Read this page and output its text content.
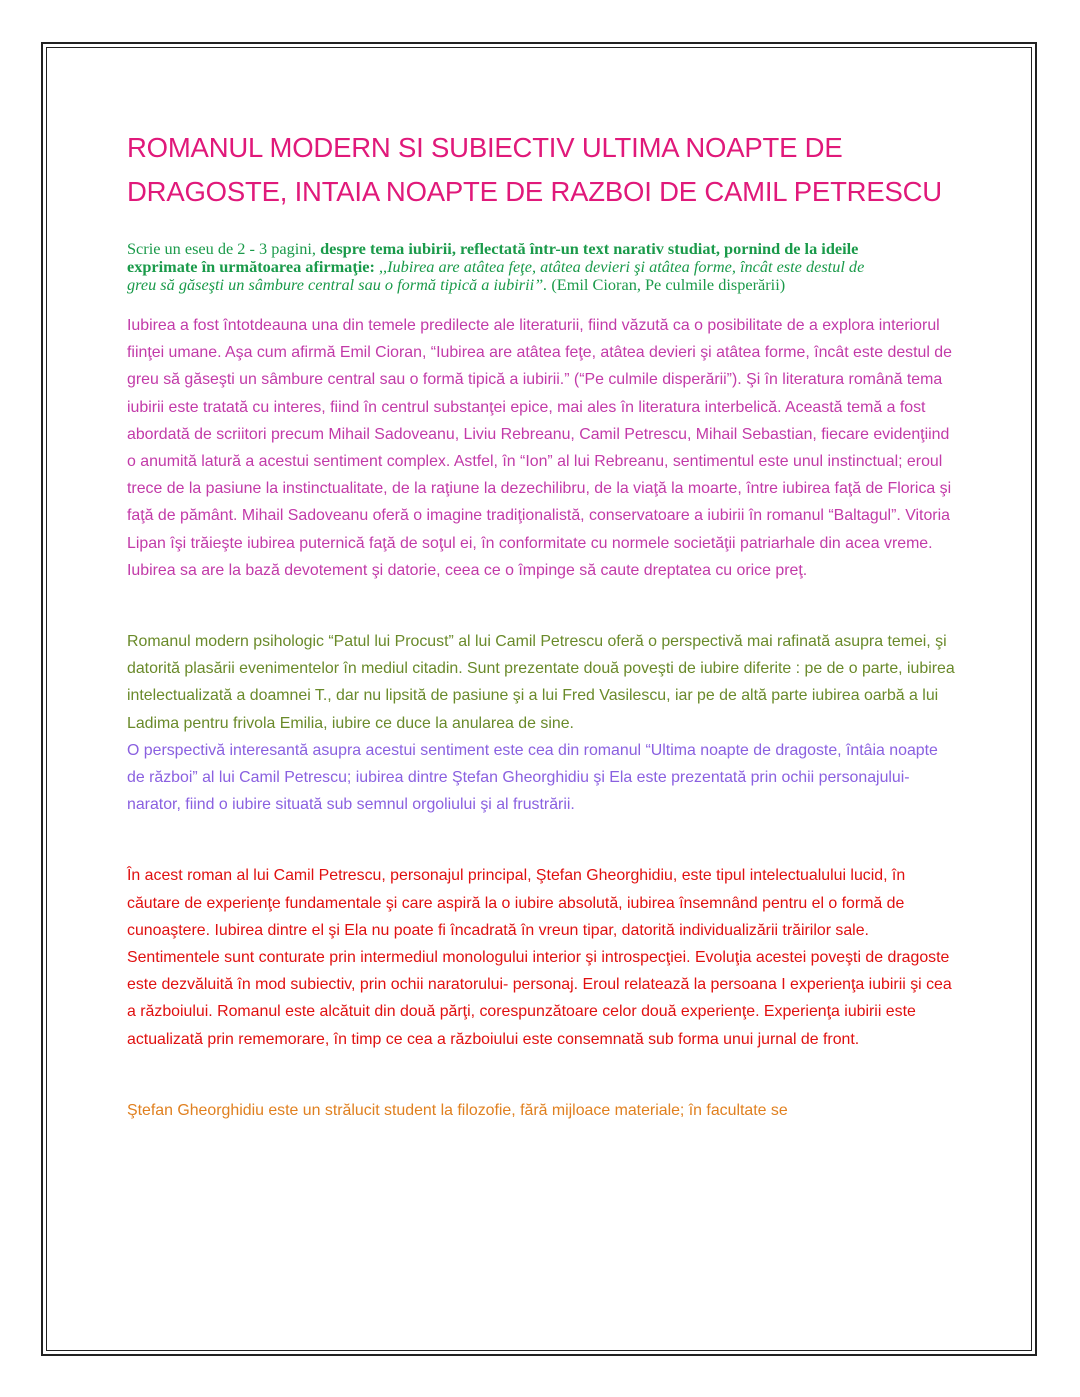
ROMANUL MODERN SI SUBIECTIV ULTIMA NOAPTE DE
DRAGOSTE, INTAIA NOAPTE DE RAZBOI DE CAMIL PETRESCU
Scrie un eseu de 2 - 3 pagini, despre tema iubirii, reflectată într-un text narativ studiat, pornind de la ideile exprimate în următoarea afirmaţie: ,,Iubirea are atâtea feţe, atâtea devieri şi atâtea forme, încât este destul de greu să găseşti un sâmbure central sau o formă tipică a iubirii”. (Emil Cioran, Pe culmile disperării)

Iubirea a fost întotdeauna una din temele predilecte ale literaturii, fiind văzută ca o posibilitate de a explora interiorul fiinţei umane. Aşa cum afirmă Emil Cioran, “Iubirea are atâtea feţe, atâtea devieri şi atâtea forme, încât este destul de greu să găseşti un sâmbure central sau o formă tipică a iubirii.” (“Pe culmile disperării”). Şi în literatura română tema iubirii este tratată cu interes, fiind în centrul substanţei epice, mai ales în literatura interbelică. Această temă a fost abordată de scriitori precum Mihail Sadoveanu, Liviu Rebreanu, Camil Petrescu, Mihail Sebastian, fiecare evidenţiind o anumită latură a acestui sentiment complex. Astfel, în “Ion” al lui Rebreanu, sentimentul este unul instinctual; eroul trece de la pasiune la instinctualitate, de la raţiune la dezechilibru, de la viaţă la moarte, între iubirea faţă de Florica şi faţă de pământ. Mihail Sadoveanu oferă o imagine tradiţionalistă, conservatoare a iubirii în romanul “Baltagul”. Vitoria Lipan îşi trăieşte iubirea puternică faţă de soţul ei, în conformitate cu normele societăţii patriarhale din acea vreme. Iubirea sa are la bază devotement şi datorie, ceea ce o împinge să caute dreptatea cu orice preţ.

Romanul modern psihologic “Patul lui Procust” al lui Camil Petrescu oferă o perspectivă mai rafinată asupra temei, şi datorită plasării evenimentelor în mediul citadin. Sunt prezentate două poveşti de iubire diferite : pe de o parte, iubirea intelectualizată a doamnei T., dar nu lipsită de pasiune şi a lui Fred Vasilescu, iar pe de altă parte iubirea oarbă a lui Ladima pentru frivola Emilia, iubire ce duce la anularea de sine.

O perspectivă interesantă asupra acestui sentiment este cea din romanul “Ultima noapte de dragoste, întâia noapte de război” al lui Camil Petrescu; iubirea dintre Ştefan Gheorghidiu şi Ela este prezentată prin ochii personajului- narator, fiind o iubire situată sub semnul orgoliului şi al frustrării.

În acest roman al lui Camil Petrescu, personajul principal, Ştefan Gheorghidiu, este tipul intelectualului lucid, în căutare de experienţe fundamentale şi care aspiră la o iubire absolută, iubirea însemnând pentru el o formă de cunoaştere. Iubirea dintre el şi Ela nu poate fi încadrată în vreun tipar, datorită individualizării trăirilor sale. Sentimentele sunt conturate prin intermediul monologului interior şi introspecţiei. Evoluţia acestei poveşti de dragoste este dezvăluită în mod subiectiv, prin ochii naratorului- personaj. Eroul relatează la persoana I experienţa iubirii şi cea a războiului. Romanul este alcătuit din două părţi, corespunzătoare celor două experienţe. Experienţa iubirii este actualizată prin rememorare, în timp ce cea a războiului este consemnată sub forma unui jurnal de front.

Ştefan Gheorghidiu este un strălucit student la filozofie, fără mijloace materiale; în facultate se
